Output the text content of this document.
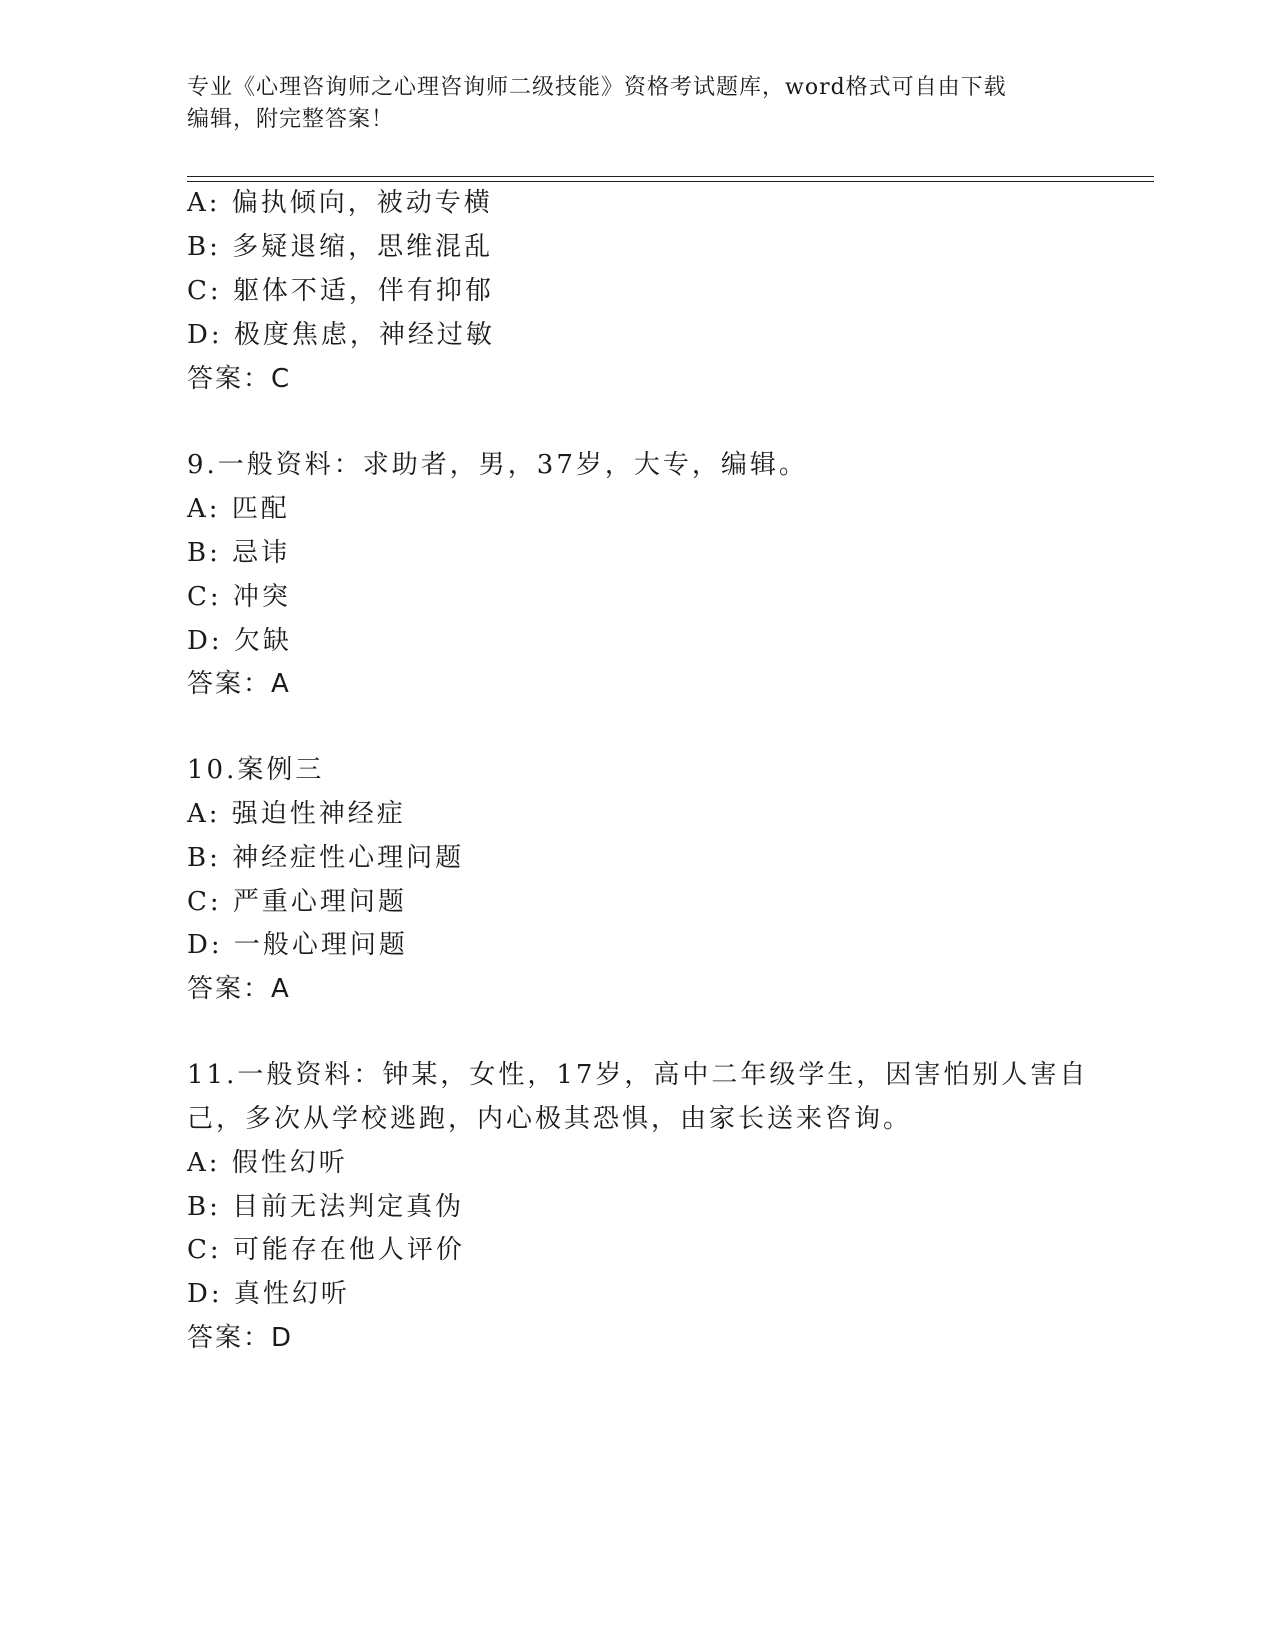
专业《心理咨询师之心理咨询师二级技能》资格考试题库，word格式可自由下载
编辑，附完整答案！
A: 偏执倾向，被动专横
B: 多疑退缩，思维混乱
C: 躯体不适，伴有抑郁
D: 极度焦虑，神经过敏
答案：C
9.一般资料：求助者，男，37岁，大专，编辑。
A: 匹配
B: 忌讳
C: 冲突
D: 欠缺
答案：A
10.案例三
A: 强迫性神经症
B: 神经症性心理问题
C: 严重心理问题
D: 一般心理问题
答案：A
11.一般资料：钟某，女性，17岁，高中二年级学生，因害怕别人害自
己，多次从学校逃跑，内心极其恐惧，由家长送来咨询。
A: 假性幻听
B: 目前无法判定真伪
C: 可能存在他人评价
D: 真性幻听
答案：D
